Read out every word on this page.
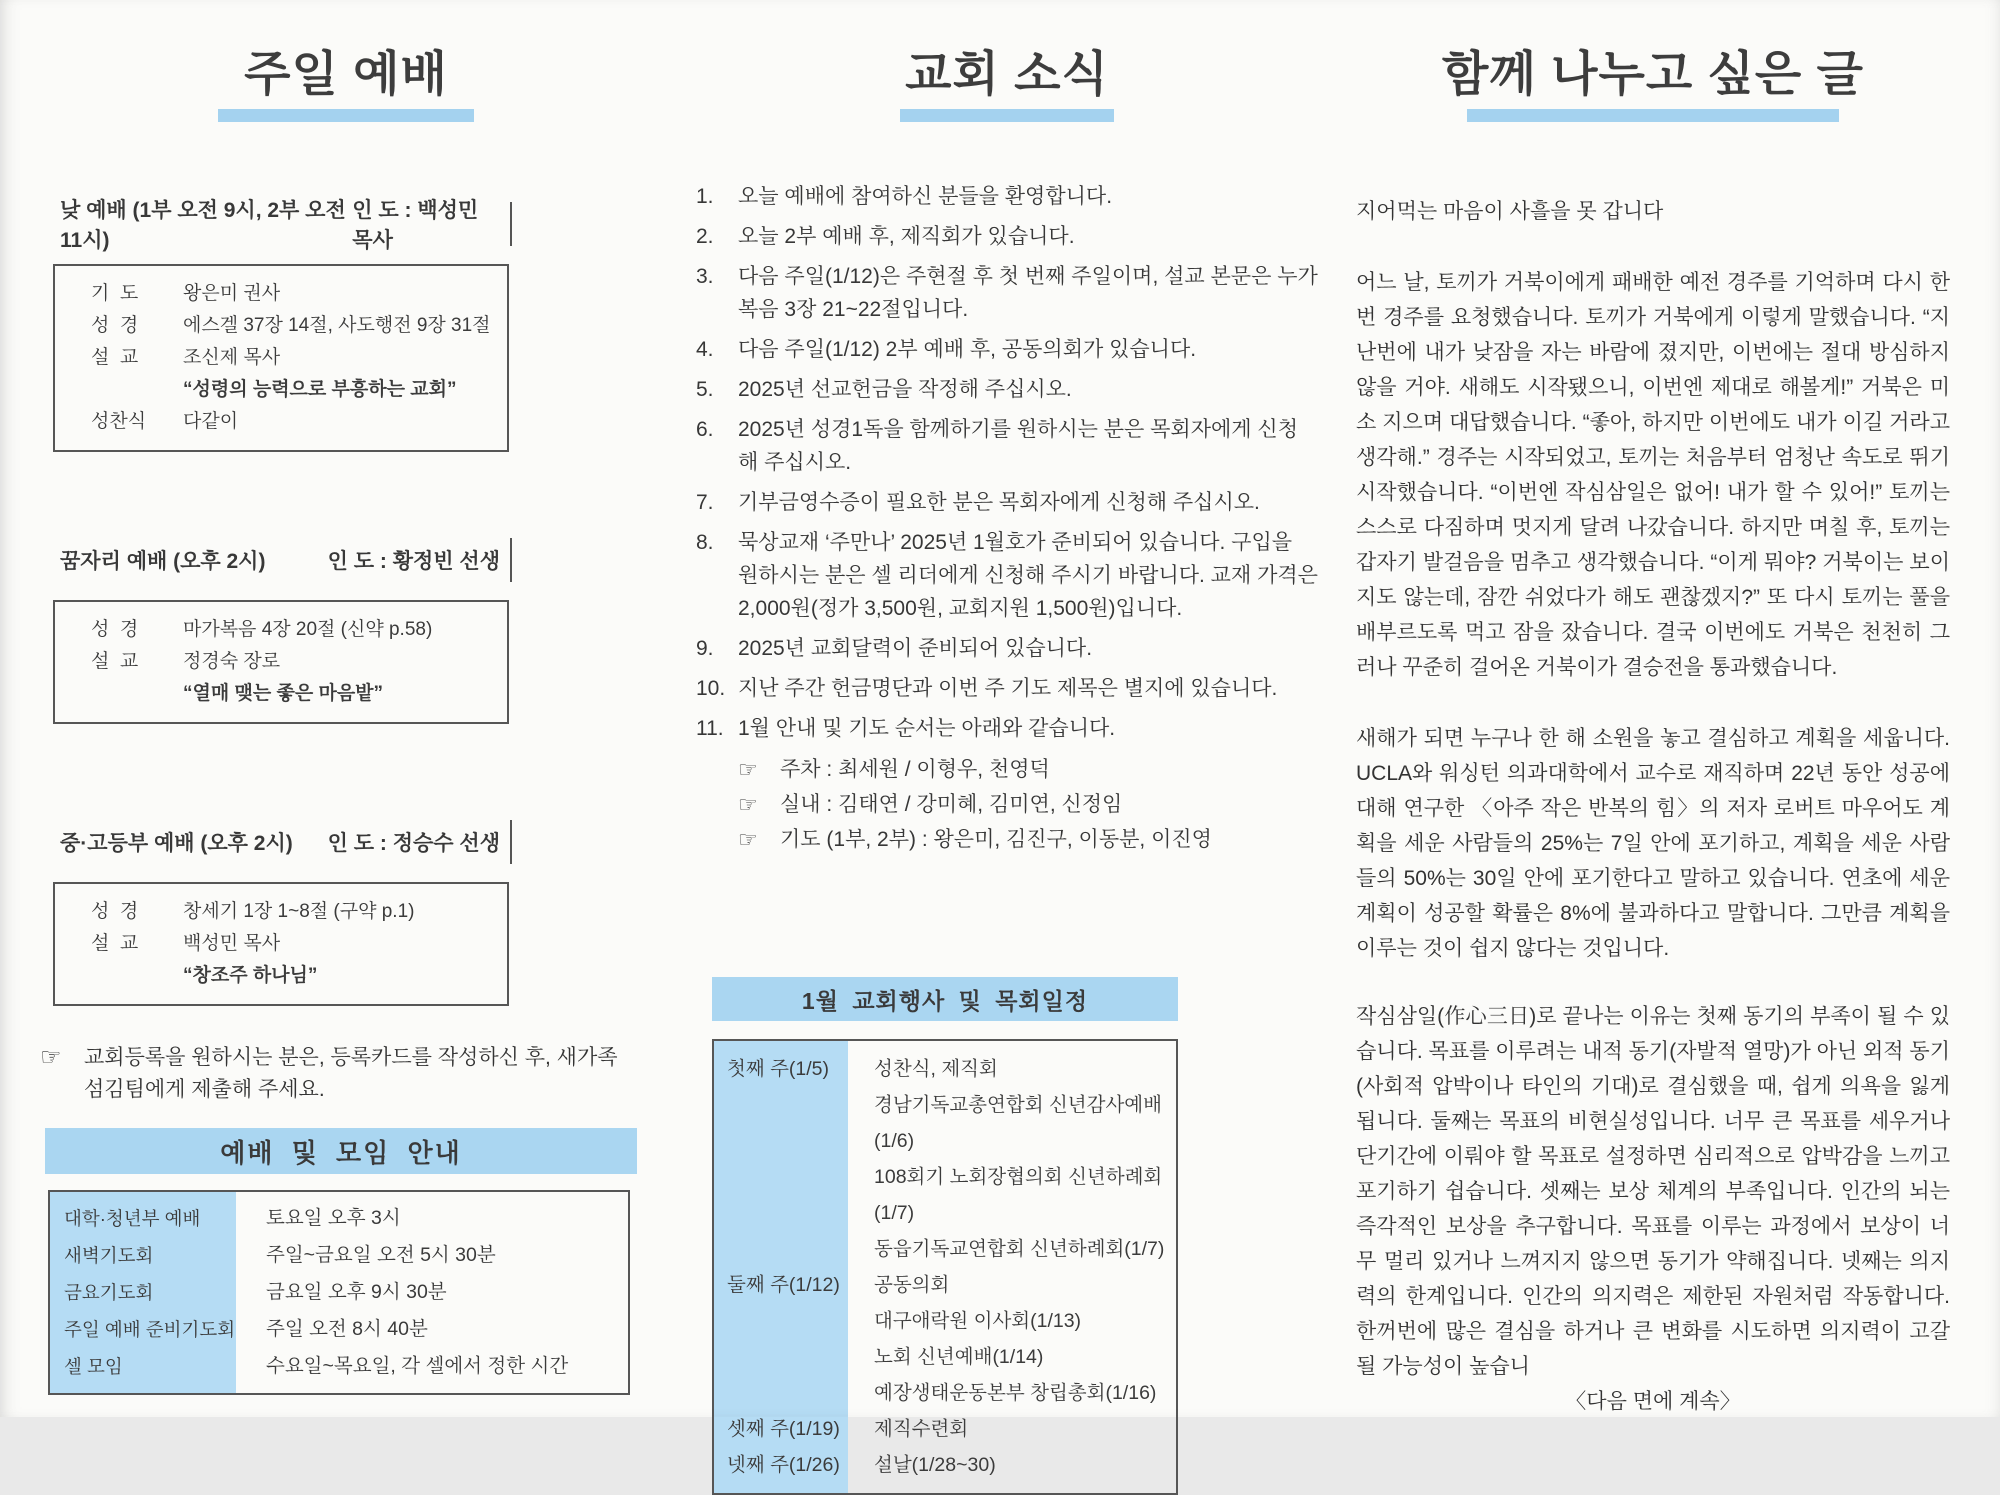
주일 예배
낮 예배 (1부 오전 9시, 2부 오전 11시)
인 도 : 백성민 목사
기  도	왕은미 권사
성  경	에스겔 37장 14절, 사도행전 9장 31절
설  교	조신제 목사
“성령의 능력으로 부흥하는 교회”
성찬식	다같이
꿈자리 예배 (오후 2시)	인 도 : 황정빈 선생
성  경	마가복음 4장 20절 (신약 p.58)
설  교	정경숙 장로
“열매 맺는 좋은 마음밭”
중·고등부 예배 (오후 2시) 인 도 : 정승수 선생
성  경	창세기 1장 1~8절 (구약 p.1)
설  교	백성민 목사
“창조주 하나님”
☞	교회등록을 원하시는 분은, 등록카드를 작성하신 후, 새가족 섬김팀에게 제출해 주세요.
예배 및 모임 안내
대학·청년부 예배	토요일 오후 3시
새벽기도회	주일~금요일 오전 5시 30분
금요기도회	금요일 오후 9시 30분
주일 예배 준비기도회	주일 오전 8시 40분
셀 모임	수요일~목요일, 각 셀에서 정한 시간
교회 소식
1.	오늘 예배에 참여하신 분들을 환영합니다.
2.	오늘 2부 예배 후, 제직회가 있습니다.
3.	다음 주일(1/12)은 주현절 후 첫 번째 주일이며, 설교 본문은 누가복음 3장 21~22절입니다.
4.	다음 주일(1/12) 2부 예배 후, 공동의회가 있습니다.
5.	2025년 선교헌금을 작정해 주십시오.
6.	2025년 성경1독을 함께하기를 원하시는 분은 목회자에게 신청해 주십시오.
7.	기부금영수증이 필요한 분은 목회자에게 신청해 주십시오.
8.	묵상교재 ‘주만나’ 2025년 1월호가 준비되어 있습니다. 구입을 원하시는 분은 셀 리더에게 신청해 주시기 바랍니다. 교재 가격은 2,000원(정가 3,500원, 교회지원 1,500원)입니다.
9.	2025년 교회달력이 준비되어 있습니다.
10. 지난 주간 헌금명단과 이번 주 기도 제목은 별지에 있습니다.
11. 1월 안내 및 기도 순서는 아래와 같습니다.
☞	주차 : 최세원 / 이형우, 천영덕
☞	실내 : 김태연 / 강미혜, 김미연, 신정임
☞	기도 (1부, 2부) : 왕은미, 김진구, 이동분, 이진영
1월 교회행사 및 목회일정
첫째 주(1/5)	성찬식, 제직회
경남기독교총연합회 신년감사예배(1/6)
108회기 노회장협의회 신년하례회(1/7)
동읍기독교연합회 신년하례회(1/7)
둘째 주(1/12)	공동의회
대구애락원 이사회(1/13)
노회 신년예배(1/14)
예장생태운동본부 창립총회(1/16)
셋째 주(1/19)	제직수련회
넷째 주(1/26)	설날(1/28~30)
함께 나누고 싶은 글

지어먹는 마음이 사흘을 못 갑니다

어느 날, 토끼가 거북이에게 패배한 예전 경주를 기억하며 다시 한번 경주를 요청했습니다. 토끼가 거북에게 이렇게 말했습니다. “지난번에 내가 낮잠을 자는 바람에 졌지만, 이번에는 절대 방심하지 않을 거야. 새해도 시작됐으니, 이번엔 제대로 해볼게!” 거북은 미소 지으며 대답했습니다. “좋아, 하지만 이번에도 내가 이길 거라고 생각해.” 경주는 시작되었고, 토끼는 처음부터 엄청난 속도로 뛰기 시작했습니다. “이번엔 작심삼일은 없어! 내가 할 수 있어!” 토끼는 스스로 다짐하며 멋지게 달려 나갔습니다. 하지만 며칠 후, 토끼는 갑자기 발걸음을 멈추고 생각했습니다. “이게 뭐야? 거북이는 보이지도 않는데, 잠깐 쉬었다가 해도 괜찮겠지?” 또 다시 토끼는 풀을 배부르도록 먹고 잠을 잤습니다. 결국 이번에도 거북은 천천히 그러나 꾸준히 걸어온 거북이가 결승전을 통과했습니다.

새해가 되면 누구나 한 해 소원을 놓고 결심하고 계획을 세웁니다. UCLA와 워싱턴 의과대학에서 교수로 재직하며 22년 동안 성공에 대해 연구한 〈아주 작은 반복의 힘〉의 저자 로버트 마우어도 계획을 세운 사람들의 25%는 7일 안에 포기하고, 계획을 세운 사람들의 50%는 30일 안에 포기한다고 말하고 있습니다. 연초에 세운 계획이 성공할 확률은 8%에 불과하다고 말합니다. 그만큼 계획을 이루는 것이 쉽지 않다는 것입니다.

작심삼일(作心三日)로 끝나는 이유는 첫째 동기의 부족이 될 수 있습니다. 목표를 이루려는 내적 동기(자발적 열망)가 아닌 외적 동기(사회적 압박이나 타인의 기대)로 결심했을 때, 쉽게 의욕을 잃게 됩니다. 둘째는 목표의 비현실성입니다. 너무 큰 목표를 세우거나 단기간에 이뤄야 할 목표로 설정하면 심리적으로 압박감을 느끼고 포기하기 쉽습니다. 셋째는 보상 체계의 부족입니다. 인간의 뇌는 즉각적인 보상을 추구합니다. 목표를 이루는 과정에서 보상이 너무 멀리 있거나 느껴지지 않으면 동기가 약해집니다. 넷째는 의지력의 한계입니다. 인간의 의지력은 제한된 자원처럼 작동합니다. 한꺼번에 많은 결심을 하거나 큰 변화를 시도하면 의지력이 고갈될 가능성이 높습니

〈다음 면에 계속〉
